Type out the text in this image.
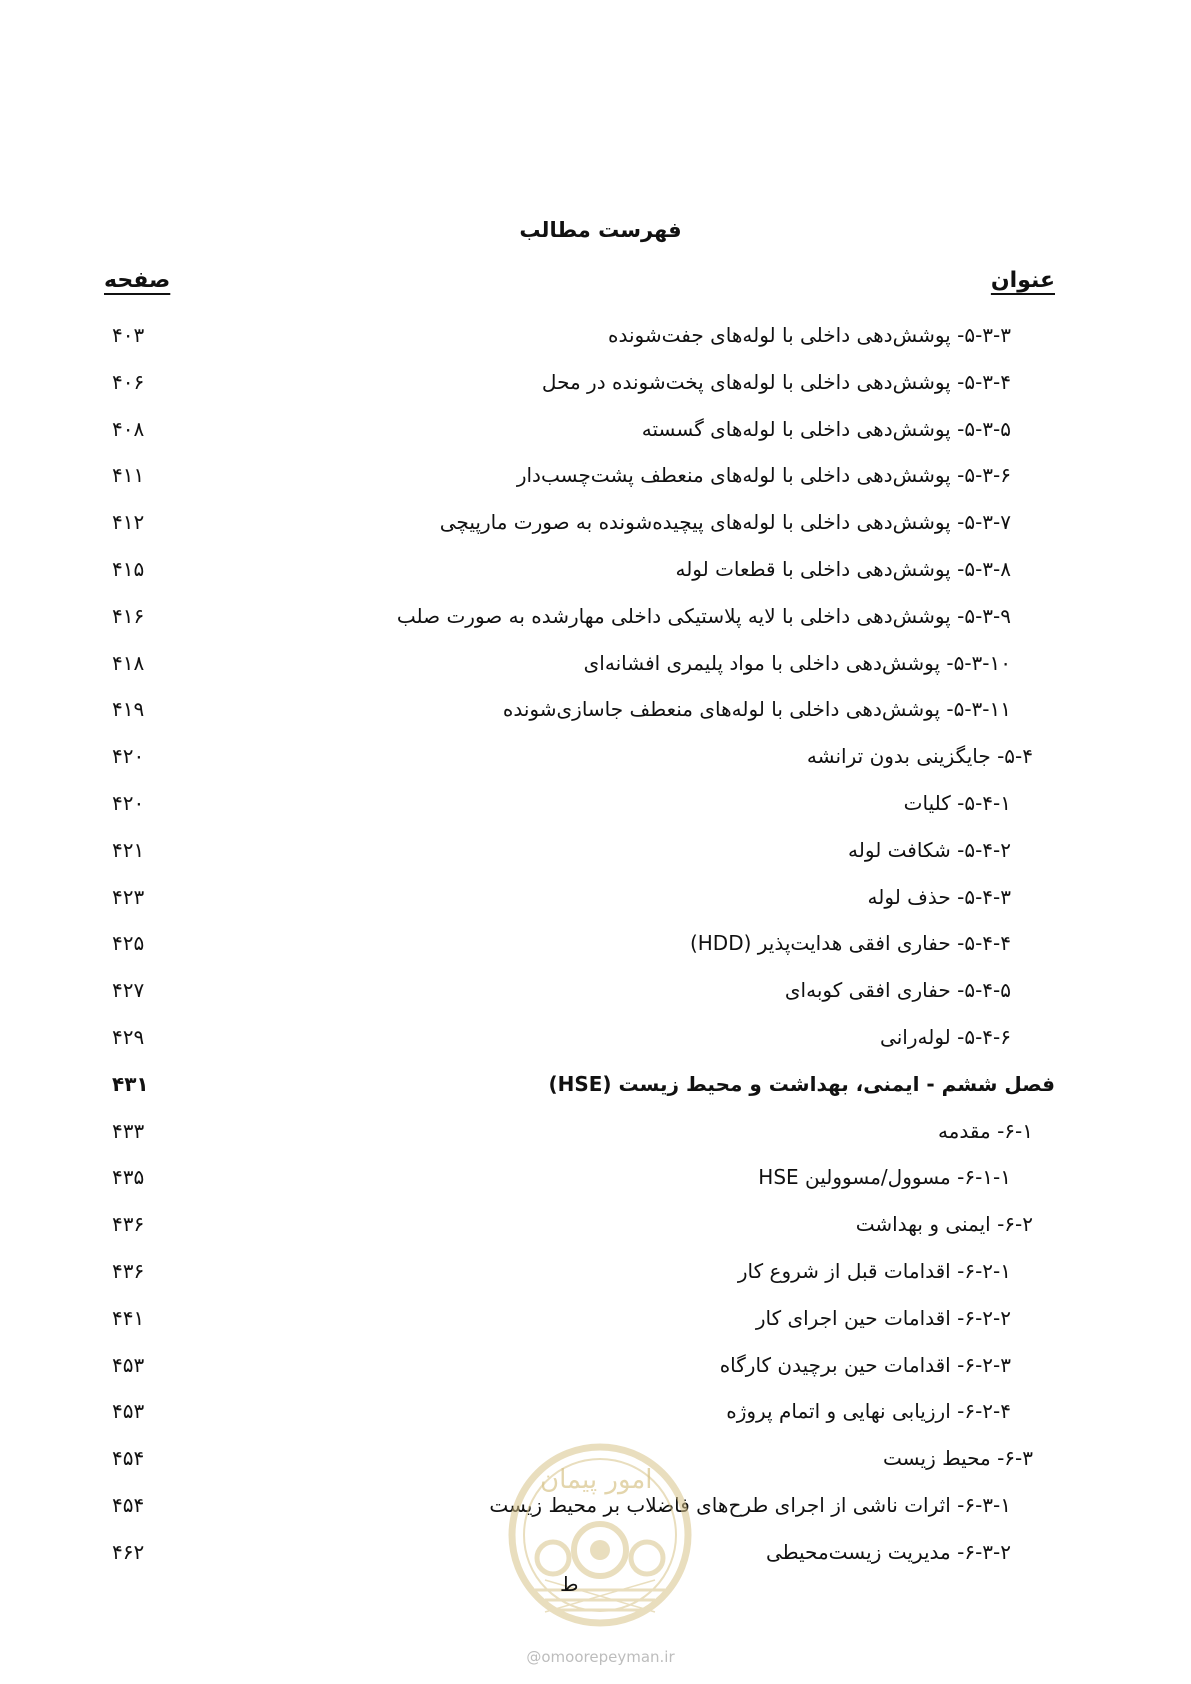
فهرست مطالب
عنوان
صفحه
۵-۳-۳- پوشش‌دهی داخلی با لوله‌های جفت‌شونده
۴۰۳
۵-۳-۴- پوشش‌دهی داخلی با لوله‌های پخت‌شونده در محل
۴۰۶
۵-۳-۵- پوشش‌دهی داخلی با لوله‌های گسسته
۴۰۸
۵-۳-۶- پوشش‌دهی داخلی با لوله‌های منعطف پشت‌چسب‌دار
۴۱۱
۵-۳-۷- پوشش‌دهی داخلی با لوله‌های پیچیده‌شونده به صورت مارپیچی
۴۱۲
۵-۳-۸- پوشش‌دهی داخلی با قطعات لوله
۴۱۵
۵-۳-۹- پوشش‌دهی داخلی با لایه پلاستیکی داخلی مهارشده به صورت صلب
۴۱۶
۵-۳-۱۰- پوشش‌دهی داخلی با مواد پلیمری افشانه‌ای
۴۱۸
۵-۳-۱۱- پوشش‌دهی داخلی با لوله‌های منعطف جاسازی‌شونده
۴۱۹
۵-۴- جایگزینی بدون ترانشه
۴۲۰
۵-۴-۱- کلیات
۴۲۰
۵-۴-۲- شکافت لوله
۴۲۱
۵-۴-۳- حذف لوله
۴۲۳
۵-۴-۴- حفاری افقی هدایت‌پذیر (HDD)
۴۲۵
۵-۴-۵- حفاری افقی کوبه‌ای
۴۲۷
۵-۴-۶- لوله‌رانی
۴۲۹
فصل ششم - ایمنی، بهداشت و محیط زیست (HSE)
۴۳۱
۶-۱- مقدمه
۴۳۳
۶-۱-۱- مسوول/مسوولین HSE
۴۳۵
۶-۲- ایمنی و بهداشت
۴۳۶
۶-۲-۱- اقدامات قبل از شروع کار
۴۳۶
۶-۲-۲- اقدامات حین اجرای کار
۴۴۱
۶-۲-۳- اقدامات حین برچیدن کارگاه
۴۵۳
۶-۲-۴- ارزیابی نهایی و اتمام پروژه
۴۵۳
۶-۳- محیط زیست
۴۵۴
۶-۳-۱- اثرات ناشی از اجرای طرح‌های فاضلاب بر محیط زیست
۴۵۴
۶-۳-۲- مدیریت زیست‌محیطی
۴۶۲
امور پیمان
ط
@omoorepeyman.ir
